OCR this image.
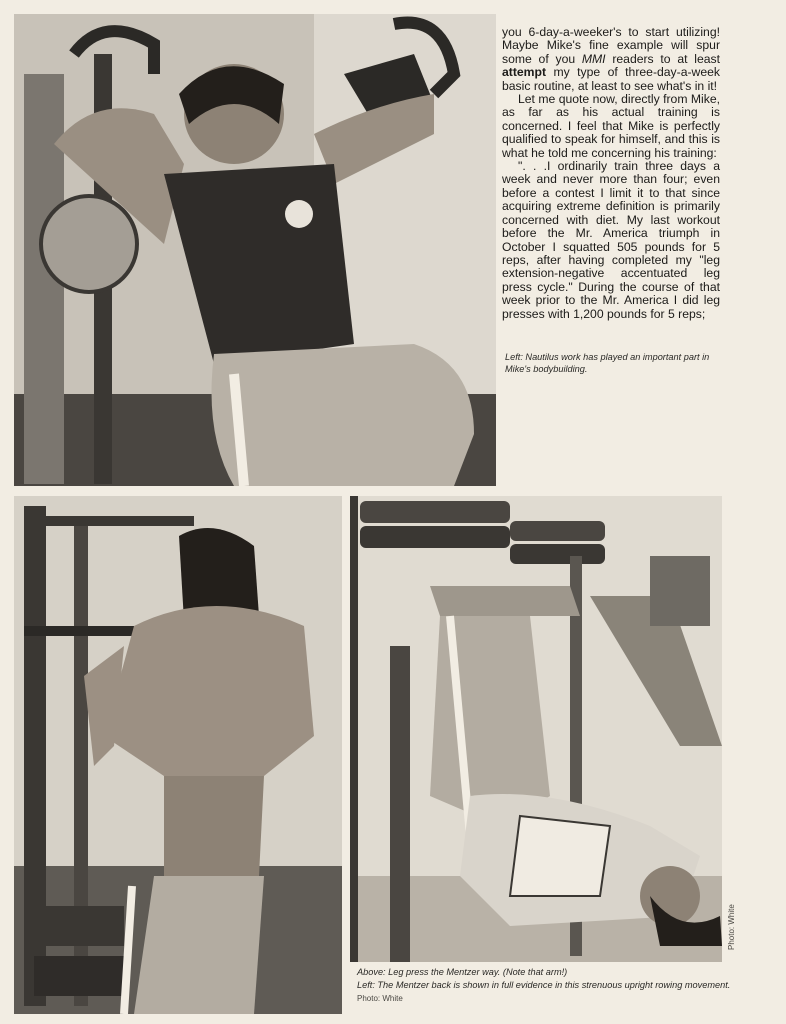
you 6-day-a-weeker's to start utilizing! Maybe Mike's fine example will spur some of you MMI readers to at least attempt my type of three-day-a-week basic routine, at least to see what's in it!

Let me quote now, directly from Mike, as far as his actual training is concerned. I feel that Mike is perfectly qualified to speak for himself, and this is what he told me concerning his training:

". . .I ordinarily train three days a week and never more than four; even before a contest I limit it to that since acquiring extreme definition is primarily concerned with diet. My last workout before the Mr. America triumph in October I squatted 505 pounds for 5 reps, after having completed my "leg extension-negative accentuated leg press cycle." During the course of that week prior to the Mr. America I did leg presses with 1,200 pounds for 5 reps;

Left: Nautilus work has played an important part in Mike's bodybuilding.
Photo: White
Above: Leg press the Mentzer way. (Note that arm!)
Left: The Mentzer back is shown in full evidence in this strenuous upright rowing movement.
Photo: White
